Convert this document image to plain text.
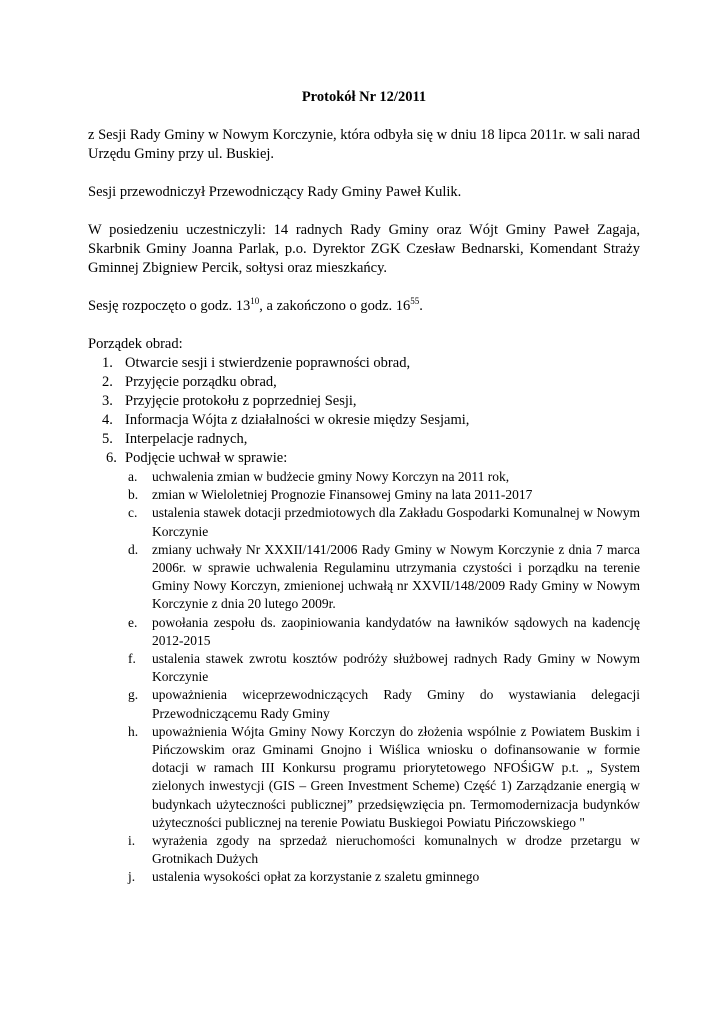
Protokół Nr 12/2011

z Sesji Rady Gminy w Nowym Korczynie, która odbyła się w dniu 18 lipca 2011r. w sali narad Urzędu Gminy przy ul. Buskiej.

Sesji przewodniczył Przewodniczący Rady Gminy Paweł Kulik.

W posiedzeniu uczestniczyli: 14 radnych Rady Gminy oraz Wójt Gminy Paweł Zagaja, Skarbnik Gminy Joanna Parlak, p.o. Dyrektor ZGK Czesław Bednarski, Komendant Straży Gminnej Zbigniew Percik, sołtysi oraz mieszkańcy.

Sesję rozpoczęto o godz. $13^{10}$, a zakończono o godz. $16^{55}$.

Porządek obrad:
1. Otwarcie sesji i stwierdzenie poprawności obrad,
2. Przyjęcie porządku obrad,
3. Przyjęcie protokołu z poprzedniej Sesji,
4. Informacja Wójta z działalności w okresie między Sesjami,
5. Interpelacje radnych,
6. Podjęcie uchwał w sprawie:
a. uchwalenia zmian w budżecie gminy Nowy Korczyn na 2011 rok,
b. zmian w Wieloletniej Prognozie Finansowej Gminy na lata 2011-2017
c. ustalenia stawek dotacji przedmiotowych dla Zakładu Gospodarki Komunalnej w Nowym Korczynie
d. zmiany uchwały Nr XXXII/141/2006 Rady Gminy w Nowym Korczynie z dnia 7 marca 2006r. w sprawie uchwalenia Regulaminu utrzymania czystości i porządku na terenie Gminy Nowy Korczyn, zmienionej uchwałą nr XXVII/148/2009 Rady Gminy w Nowym Korczynie z dnia 20 lutego 2009r.
e. powołania zespołu ds. zaopiniowania kandydatów na ławników sądowych na kadencję 2012-2015
f. ustalenia stawek zwrotu kosztów podróży służbowej radnych Rady Gminy w Nowym Korczynie
g. upoważnienia wiceprzewodniczących Rady Gminy do wystawiania delegacji Przewodniczącemu Rady Gminy
h. upoważnienia Wójta Gminy Nowy Korczyn do złożenia wspólnie z Powiatem Buskim i Pińczowskim oraz Gminami Gnojno i Wiślica wniosku o dofinansowanie w formie dotacji w ramach III Konkursu programu priorytetowego NFOŚiGW p.t. „ System zielonych inwestycji (GIS – Green Investment Scheme) Część 1) Zarządzanie energią w budynkach użyteczności publicznej” przedsięwzięcia pn. Termomodernizacja budynków użyteczności publicznej na terenie Powiatu Buskiegoi Powiatu Pińczowskiego "
i. wyrażenia zgody na sprzedaż nieruchomości komunalnych w drodze przetargu w Grotnikach Dużych
j. ustalenia wysokości opłat za korzystanie z szaletu gminnego
